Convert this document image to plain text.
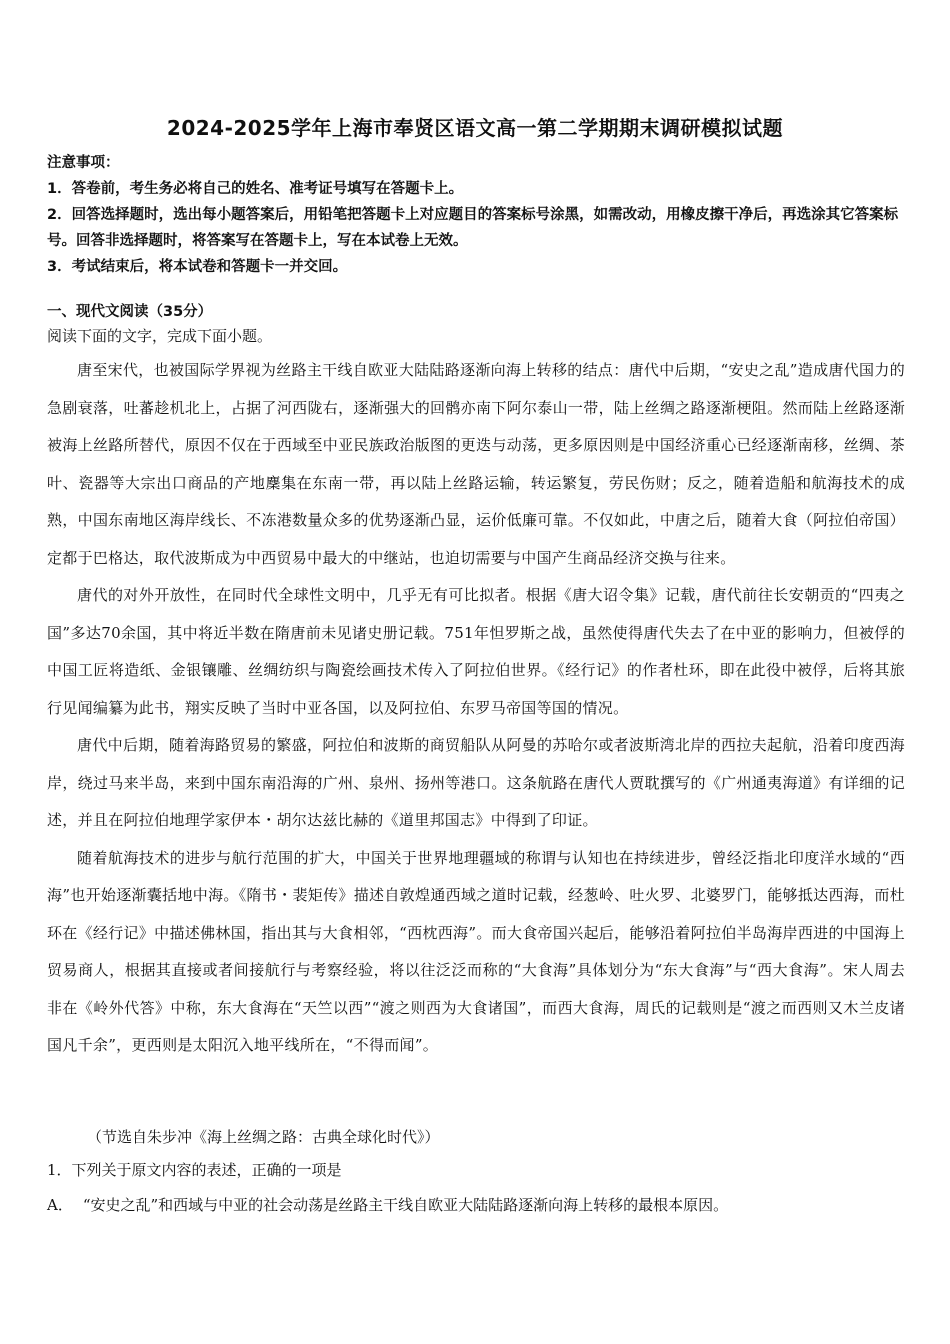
2024-2025学年上海市奉贤区语文高一第二学期期末调研模拟试题

注意事项：

1．答卷前，考生务必将自己的姓名、准考证号填写在答题卡上。

2．回答选择题时，选出每小题答案后，用铅笔把答题卡上对应题目的答案标号涂黑，如需改动，用橡皮擦干净后，再选涂其它答案标号。回答非选择题时，将答案写在答题卡上，写在本试卷上无效。

3．考试结束后，将本试卷和答题卡一并交回。

一、现代文阅读（35分）
阅读下面的文字，完成下面小题。

唐至宋代，也被国际学界视为丝路主干线自欧亚大陆陆路逐渐向海上转移的结点：唐代中后期，“安史之乱”造成唐代国力的急剧衰落，吐蕃趁机北上，占据了河西陇右，逐渐强大的回鹘亦南下阿尔泰山一带，陆上丝绸之路逐渐梗阻。然而陆上丝路逐渐被海上丝路所替代，原因不仅在于西域至中亚民族政治版图的更迭与动荡，更多原因则是中国经济重心已经逐渐南移，丝绸、茶叶、瓷器等大宗出口商品的产地麇集在东南一带，再以陆上丝路运输，转运繁复，劳民伤财；反之，随着造船和航海技术的成熟，中国东南地区海岸线长、不冻港数量众多的优势逐渐凸显，运价低廉可靠。不仅如此，中唐之后，随着大食（阿拉伯帝国）定都于巴格达，取代波斯成为中西贸易中最大的中继站，也迫切需要与中国产生商品经济交换与往来。

唐代的对外开放性，在同时代全球性文明中，几乎无有可比拟者。根据《唐大诏令集》记载，唐代前往长安朝贡的“四夷之国”多达70余国，其中将近半数在隋唐前未见诸史册记载。751年怛罗斯之战，虽然使得唐代失去了在中亚的影响力，但被俘的中国工匠将造纸、金银镶雕、丝绸纺织与陶瓷绘画技术传入了阿拉伯世界。《经行记》的作者杜环，即在此役中被俘，后将其旅行见闻编纂为此书，翔实反映了当时中亚各国，以及阿拉伯、东罗马帝国等国的情况。

唐代中后期，随着海路贸易的繁盛，阿拉伯和波斯的商贸船队从阿曼的苏哈尔或者波斯湾北岸的西拉夫起航，沿着印度西海岸，绕过马来半岛，来到中国东南沿海的广州、泉州、扬州等港口。这条航路在唐代人贾耽撰写的《广州通夷海道》有详细的记述，并且在阿拉伯地理学家伊本・胡尔达兹比赫的《道里邦国志》中得到了印证。

随着航海技术的进步与航行范围的扩大，中国关于世界地理疆域的称谓与认知也在持续进步，曾经泛指北印度洋水域的“西海”也开始逐渐囊括地中海。《隋书・裴矩传》描述自敦煌通西域之道时记载，经葱岭、吐火罗、北婆罗门，能够抵达西海，而杜环在《经行记》中描述佛林国，指出其与大食相邻，“西枕西海”。而大食帝国兴起后，能够沿着阿拉伯半岛海岸西进的中国海上贸易商人，根据其直接或者间接航行与考察经验，将以往泛泛而称的“大食海”具体划分为“东大食海”与“西大食海”。宋人周去非在《岭外代答》中称，东大食海在“天竺以西”“渡之则西为大食诸国”，而西大食海，周氏的记载则是“渡之而西则又木兰皮诸国凡千余”，更西则是太阳沉入地平线所在，“不得而闻”。

（节选自朱步冲《海上丝绸之路：古典全球化时代》）
1．下列关于原文内容的表述，正确的一项是
A． “安史之乱”和西域与中亚的社会动荡是丝路主干线自欧亚大陆陆路逐渐向海上转移的最根本原因。
